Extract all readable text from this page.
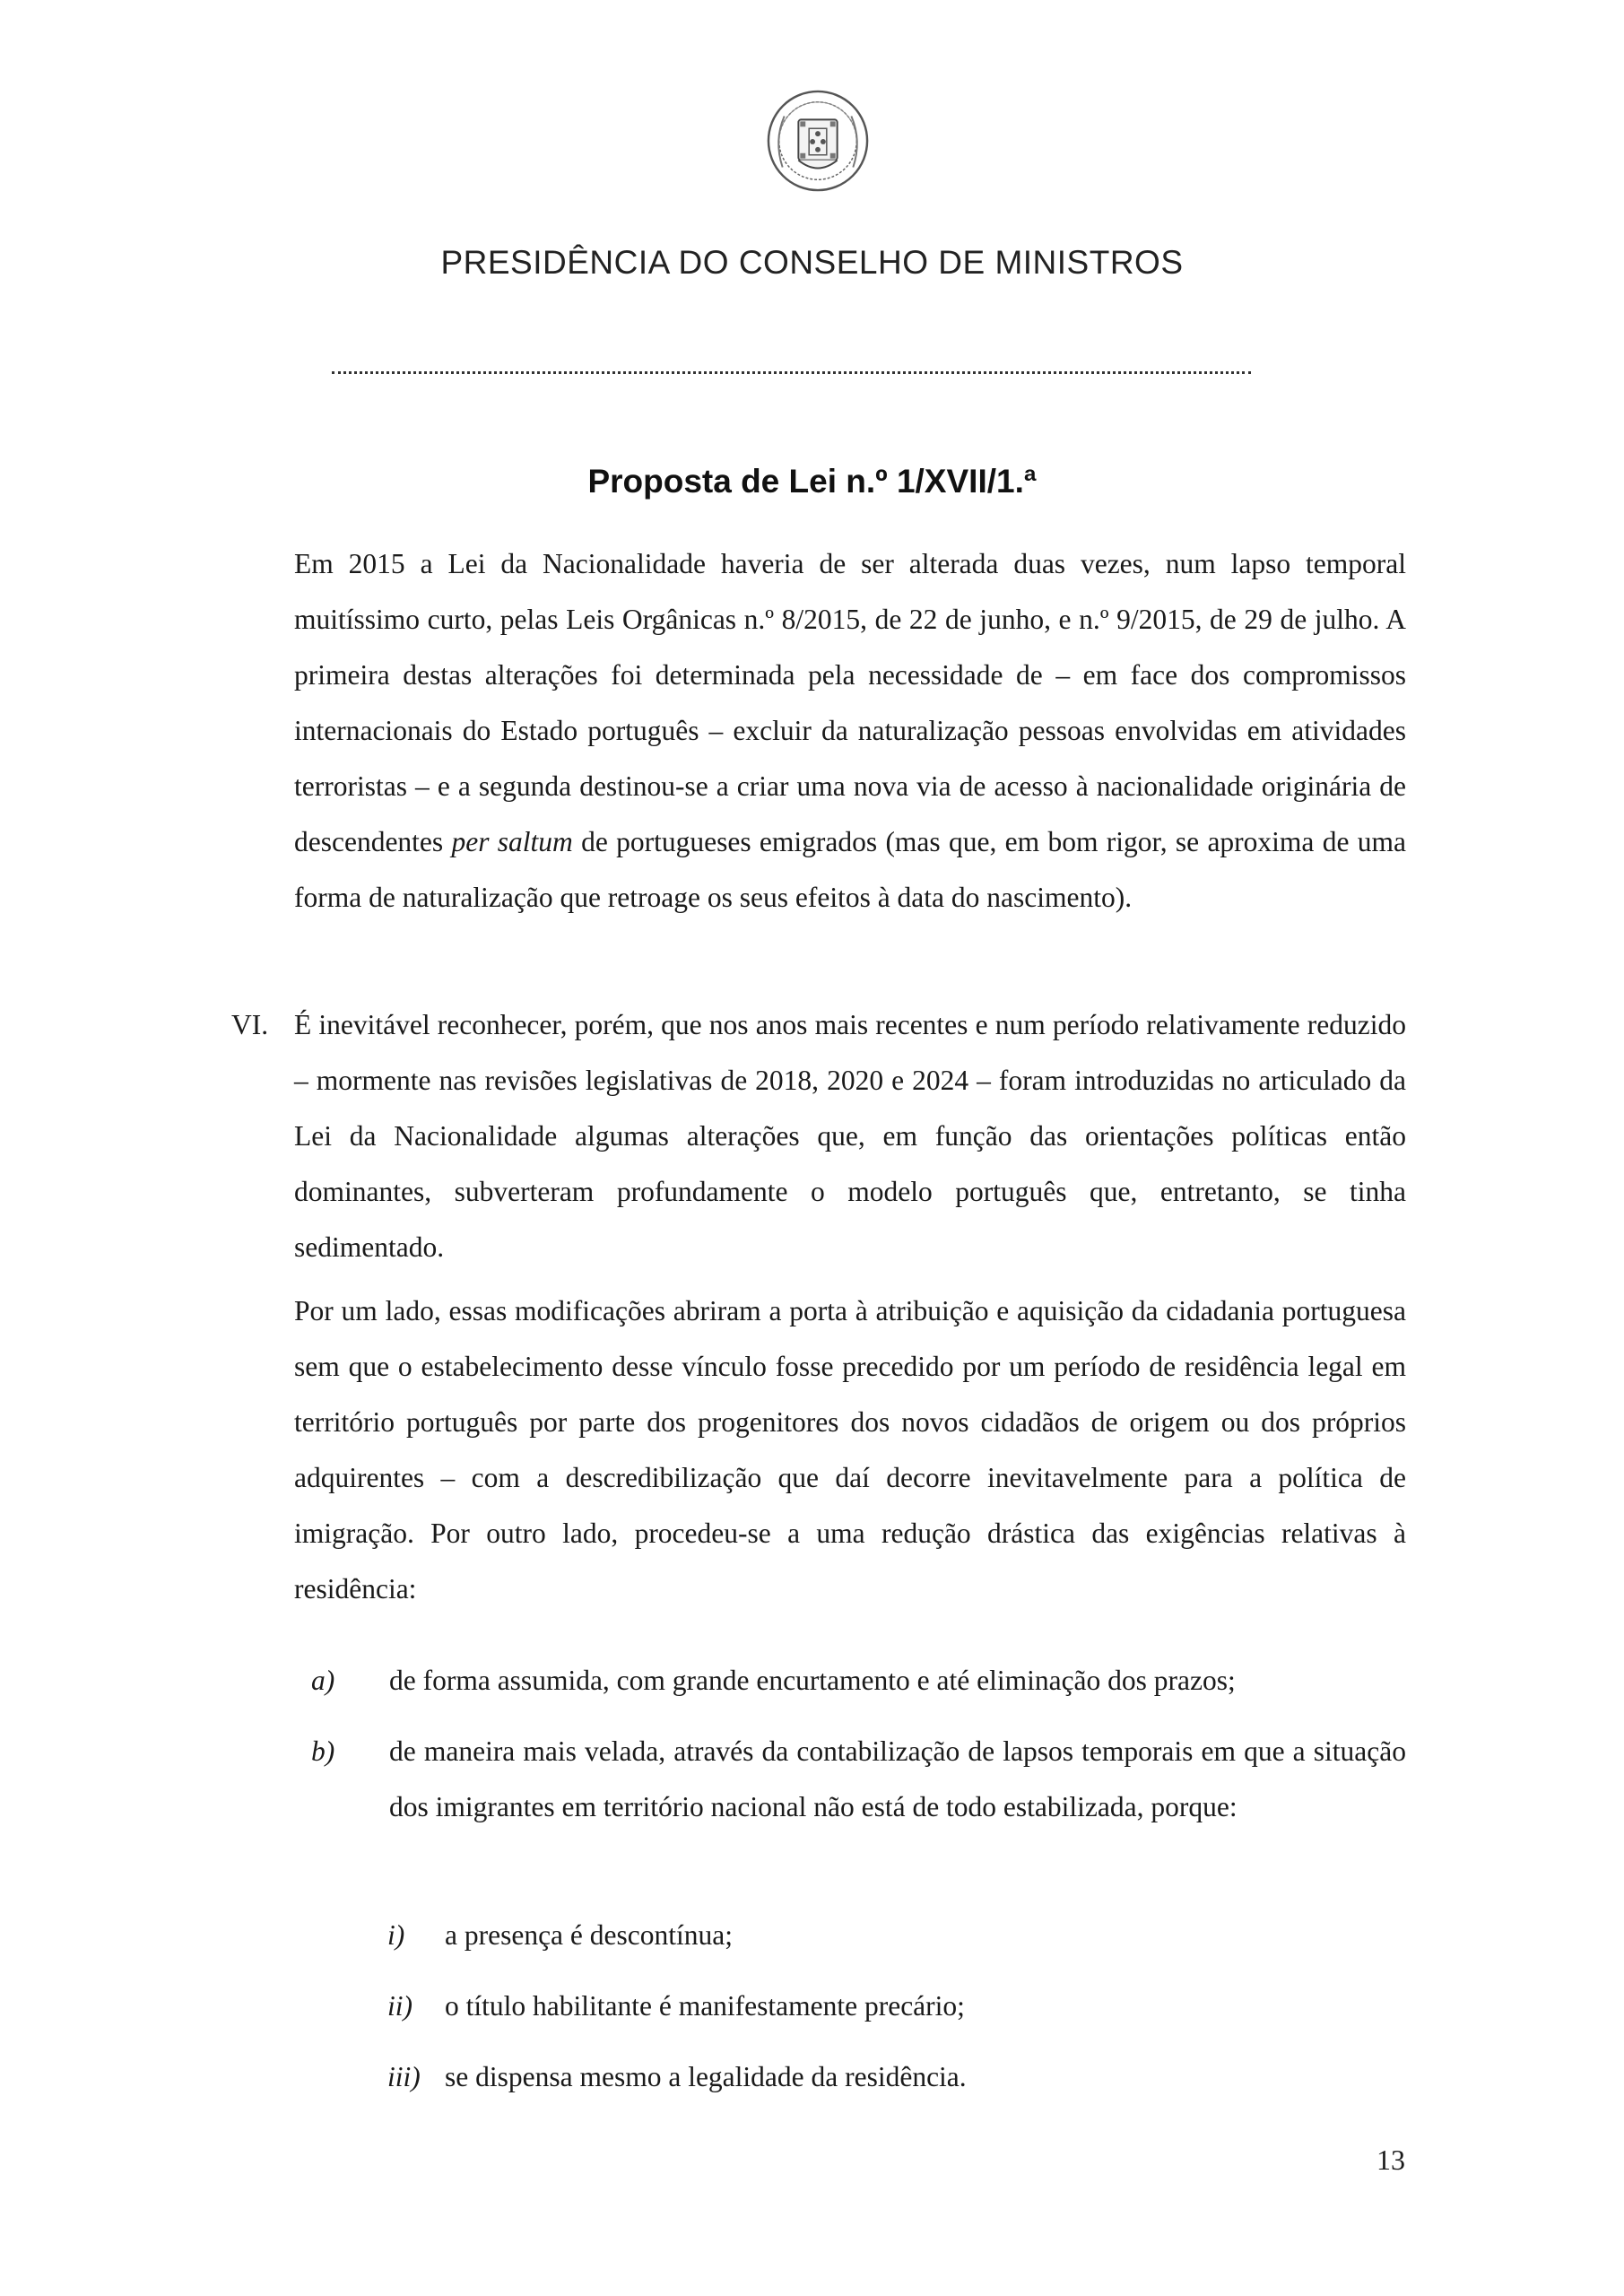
PRESIDÊNCIA DO CONSELHO DE MINISTROS
Proposta de Lei n.º 1/XVII/1.ª

Em 2015 a Lei da Nacionalidade haveria de ser alterada duas vezes, num lapso temporal muitíssimo curto, pelas Leis Orgânicas n.º 8/2015, de 22 de junho, e n.º 9/2015, de 29 de julho. A primeira destas alterações foi determinada pela necessidade de – em face dos compromissos internacionais do Estado português – excluir da naturalização pessoas envolvidas em atividades terroristas – e a segunda destinou-se a criar uma nova via de acesso à nacionalidade originária de descendentes per saltum de portugueses emigrados (mas que, em bom rigor, se aproxima de uma forma de naturalização que retroage os seus efeitos à data do nascimento).

VI. É inevitável reconhecer, porém, que nos anos mais recentes e num período relativamente reduzido – mormente nas revisões legislativas de 2018, 2020 e 2024 – foram introduzidas no articulado da Lei da Nacionalidade algumas alterações que, em função das orientações políticas então dominantes, subverteram profundamente o modelo português que, entretanto, se tinha sedimentado.

Por um lado, essas modificações abriram a porta à atribuição e aquisição da cidadania portuguesa sem que o estabelecimento desse vínculo fosse precedido por um período de residência legal em território português por parte dos progenitores dos novos cidadãos de origem ou dos próprios adquirentes – com a descredibilização que daí decorre inevitavelmente para a política de imigração. Por outro lado, procedeu-se a uma redução drástica das exigências relativas à residência:

a) de forma assumida, com grande encurtamento e até eliminação dos prazos;

b) de maneira mais velada, através da contabilização de lapsos temporais em que a situação dos imigrantes em território nacional não está de todo estabilizada, porque:

i) a presença é descontínua;

ii) o título habilitante é manifestamente precário;

iii) se dispensa mesmo a legalidade da residência.

13
